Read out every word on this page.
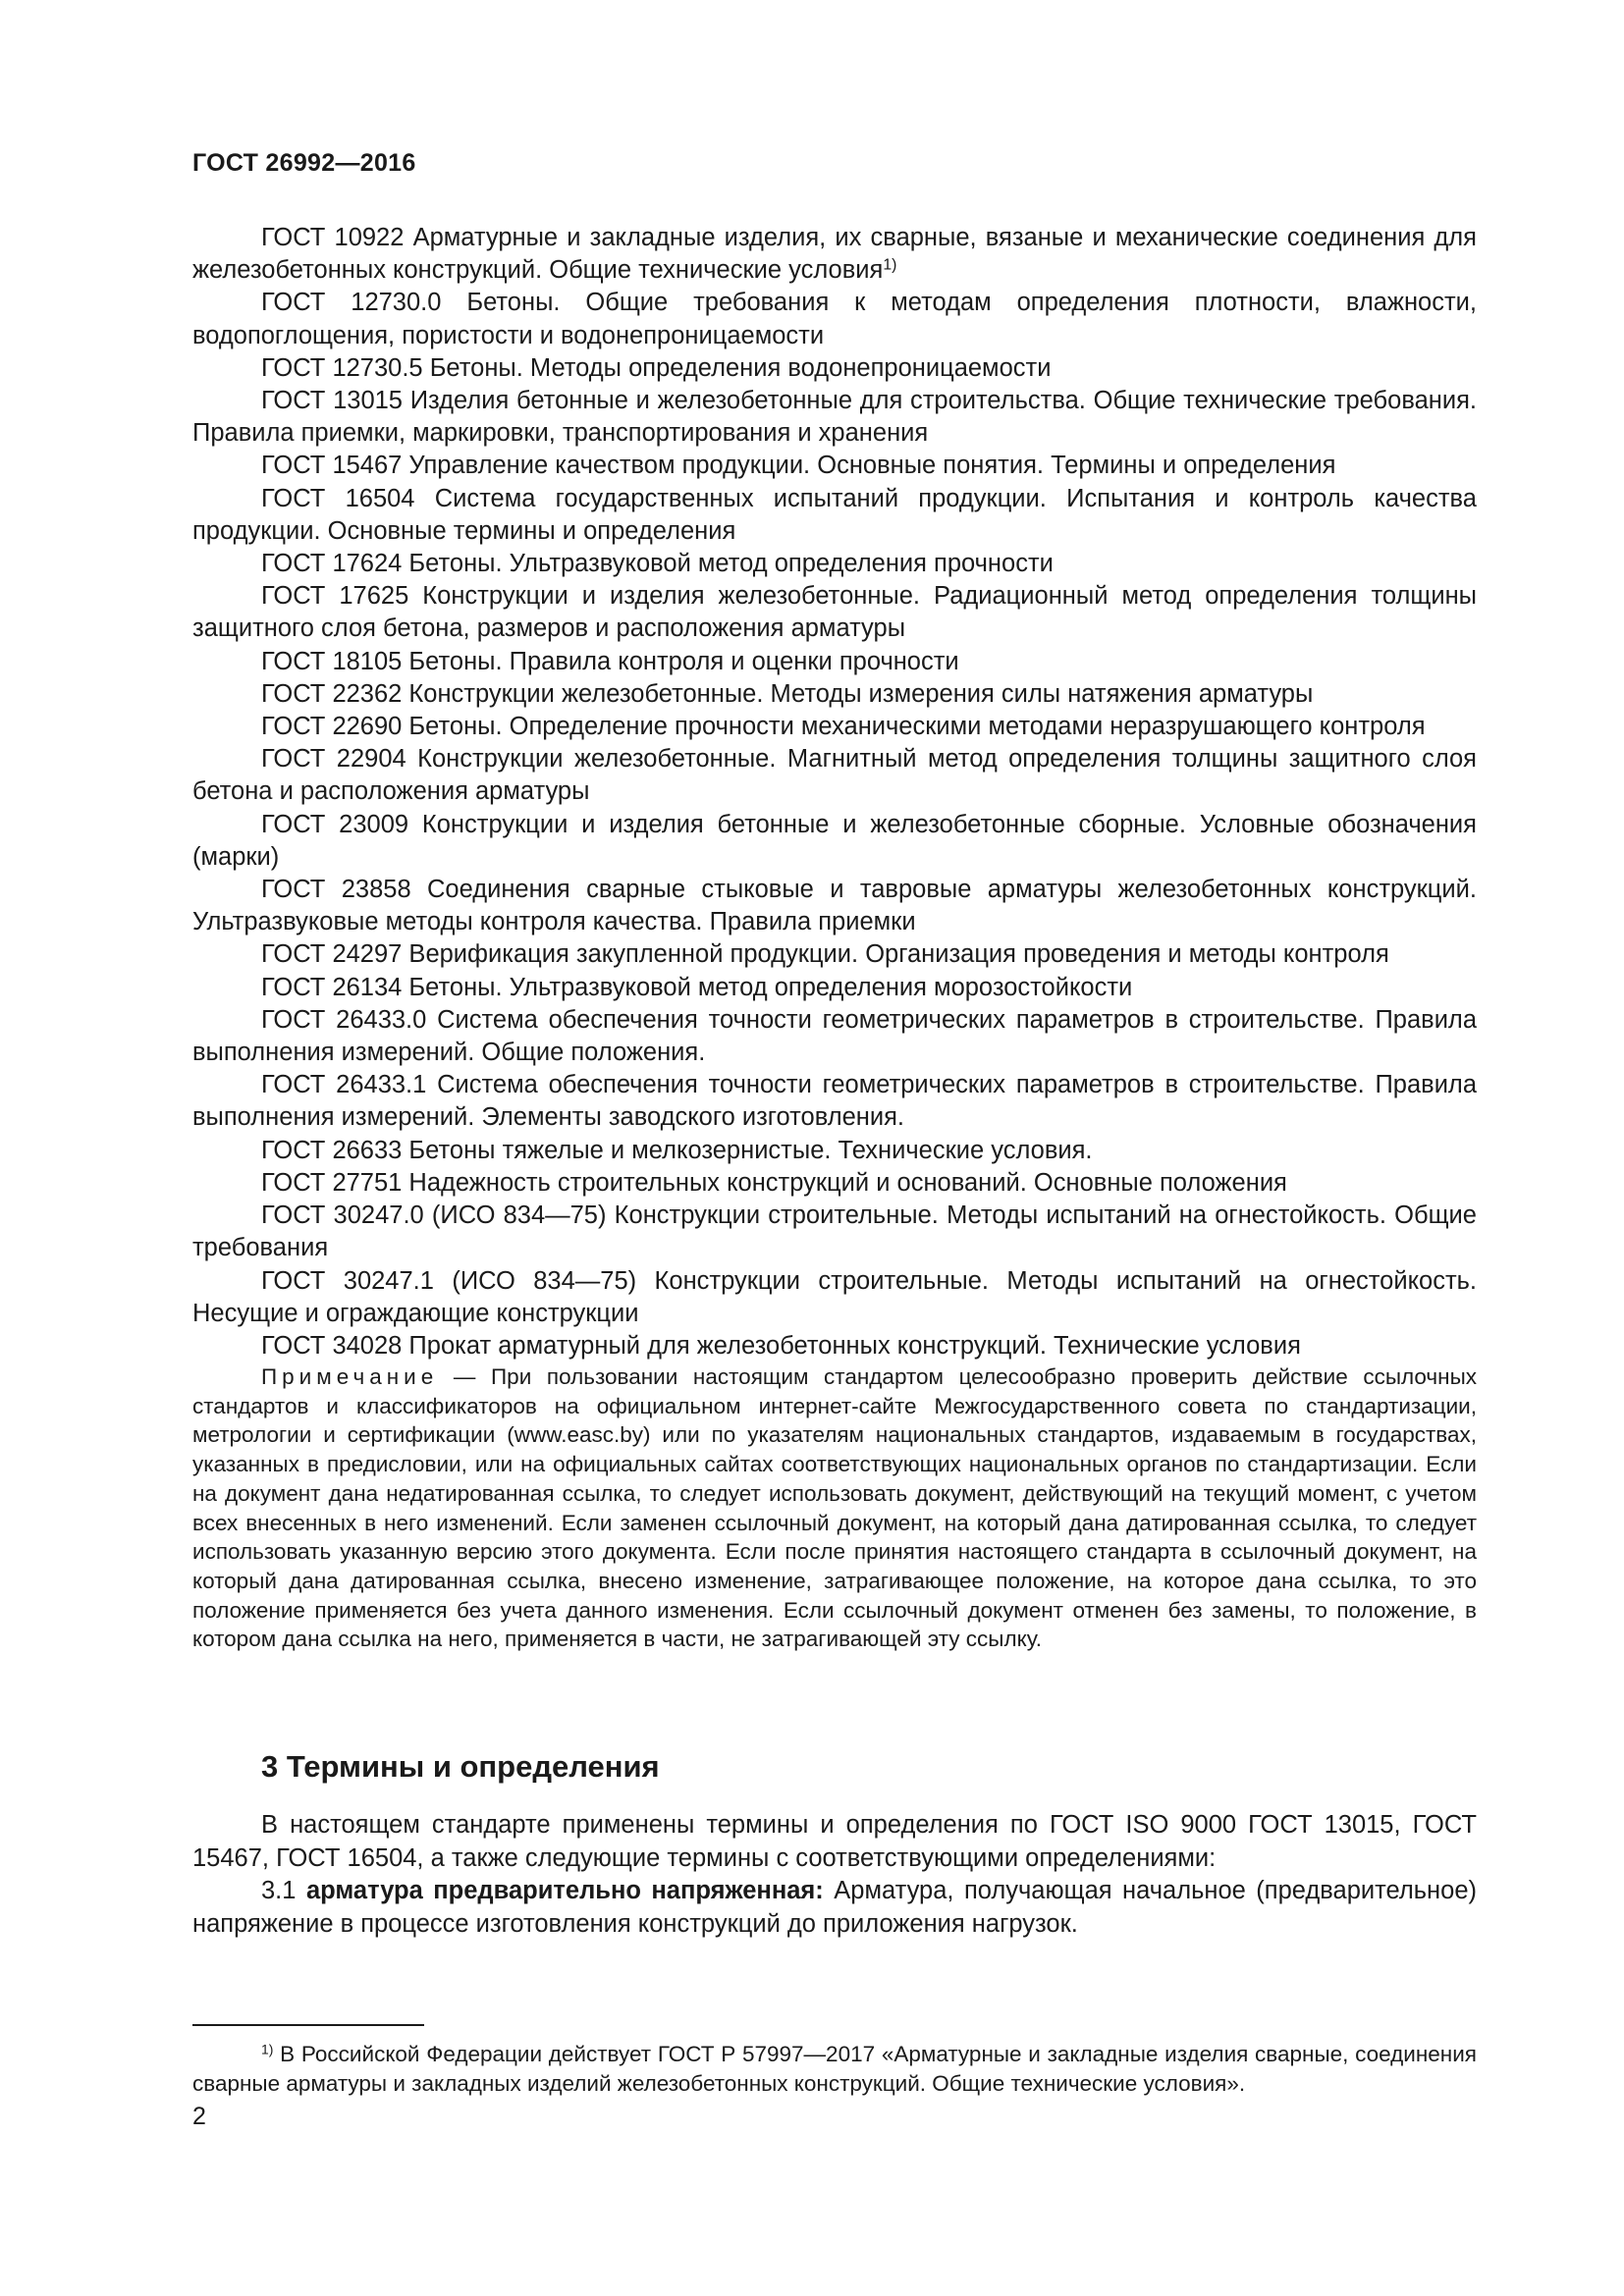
ГОСТ 26992—2016

ГОСТ 10922 Арматурные и закладные изделия, их сварные, вязаные и механические соединения для железобетонных конструкций. Общие технические условия$^{1)}$

ГОСТ 12730.0 Бетоны. Общие требования к методам определения плотности, влажности, водопоглощения, пористости и водонепроницаемости

ГОСТ 12730.5 Бетоны. Методы определения водонепроницаемости

ГОСТ 13015 Изделия бетонные и железобетонные для строительства. Общие технические требования. Правила приемки, маркировки, транспортирования и хранения

ГОСТ 15467 Управление качеством продукции. Основные понятия. Термины и определения

ГОСТ 16504 Система государственных испытаний продукции. Испытания и контроль качества продукции. Основные термины и определения

ГОСТ 17624 Бетоны. Ультразвуковой метод определения прочности

ГОСТ 17625 Конструкции и изделия железобетонные. Радиационный метод определения толщины защитного слоя бетона, размеров и расположения арматуры

ГОСТ 18105 Бетоны. Правила контроля и оценки прочности

ГОСТ 22362 Конструкции железобетонные. Методы измерения силы натяжения арматуры

ГОСТ 22690 Бетоны. Определение прочности механическими методами неразрушающего контроля

ГОСТ 22904 Конструкции железобетонные. Магнитный метод определения толщины защитного слоя бетона и расположения арматуры

ГОСТ 23009 Конструкции и изделия бетонные и железобетонные сборные. Условные обозначения (марки)

ГОСТ 23858 Соединения сварные стыковые и тавровые арматуры железобетонных конструкций. Ультразвуковые методы контроля качества. Правила приемки

ГОСТ 24297 Верификация закупленной продукции. Организация проведения и методы контроля

ГОСТ 26134 Бетоны. Ультразвуковой метод определения морозостойкости

ГОСТ 26433.0 Система обеспечения точности геометрических параметров в строительстве. Правила выполнения измерений. Общие положения.

ГОСТ 26433.1 Система обеспечения точности геометрических параметров в строительстве. Правила выполнения измерений. Элементы заводского изготовления.

ГОСТ 26633 Бетоны тяжелые и мелкозернистые. Технические условия.

ГОСТ 27751 Надежность строительных конструкций и оснований. Основные положения

ГОСТ 30247.0 (ИСО 834—75) Конструкции строительные. Методы испытаний на огнестойкость. Общие требования

ГОСТ 30247.1 (ИСО 834—75) Конструкции строительные. Методы испытаний на огнестойкость. Несущие и ограждающие конструкции

ГОСТ 34028 Прокат арматурный для железобетонных конструкций. Технические условия

Примечание — При пользовании настоящим стандартом целесообразно проверить действие ссылочных стандартов и классификаторов на официальном интернет-сайте Межгосударственного совета по стандартизации, метрологии и сертификации (www.easc.by) или по указателям национальных стандартов, издаваемым в государствах, указанных в предисловии, или на официальных сайтах соответствующих национальных органов по стандартизации. Если на документ дана недатированная ссылка, то следует использовать документ, действующий на текущий момент, с учетом всех внесенных в него изменений. Если заменен ссылочный документ, на который дана датированная ссылка, то следует использовать указанную версию этого документа. Если после принятия настоящего стандарта в ссылочный документ, на который дана датированная ссылка, внесено изменение, затрагивающее положение, на которое дана ссылка, то это положение применяется без учета данного изменения. Если ссылочный документ отменен без замены, то положение, в котором дана ссылка на него, применяется в части, не затрагивающей эту ссылку.
3 Термины и определения

В настоящем стандарте применены термины и определения по ГОСТ ISO 9000 ГОСТ 13015, ГОСТ 15467, ГОСТ 16504, а также следующие термины с соответствующими определениями:

3.1 арматура предварительно напряженная: Арматура, получающая начальное (предварительное) напряжение в процессе изготовления конструкций до приложения нагрузок.

$^{1)}$ В Российской Федерации действует ГОСТ Р 57997—2017 «Арматурные и закладные изделия сварные, соединения сварные арматуры и закладных изделий железобетонных конструкций. Общие технические условия».
2
